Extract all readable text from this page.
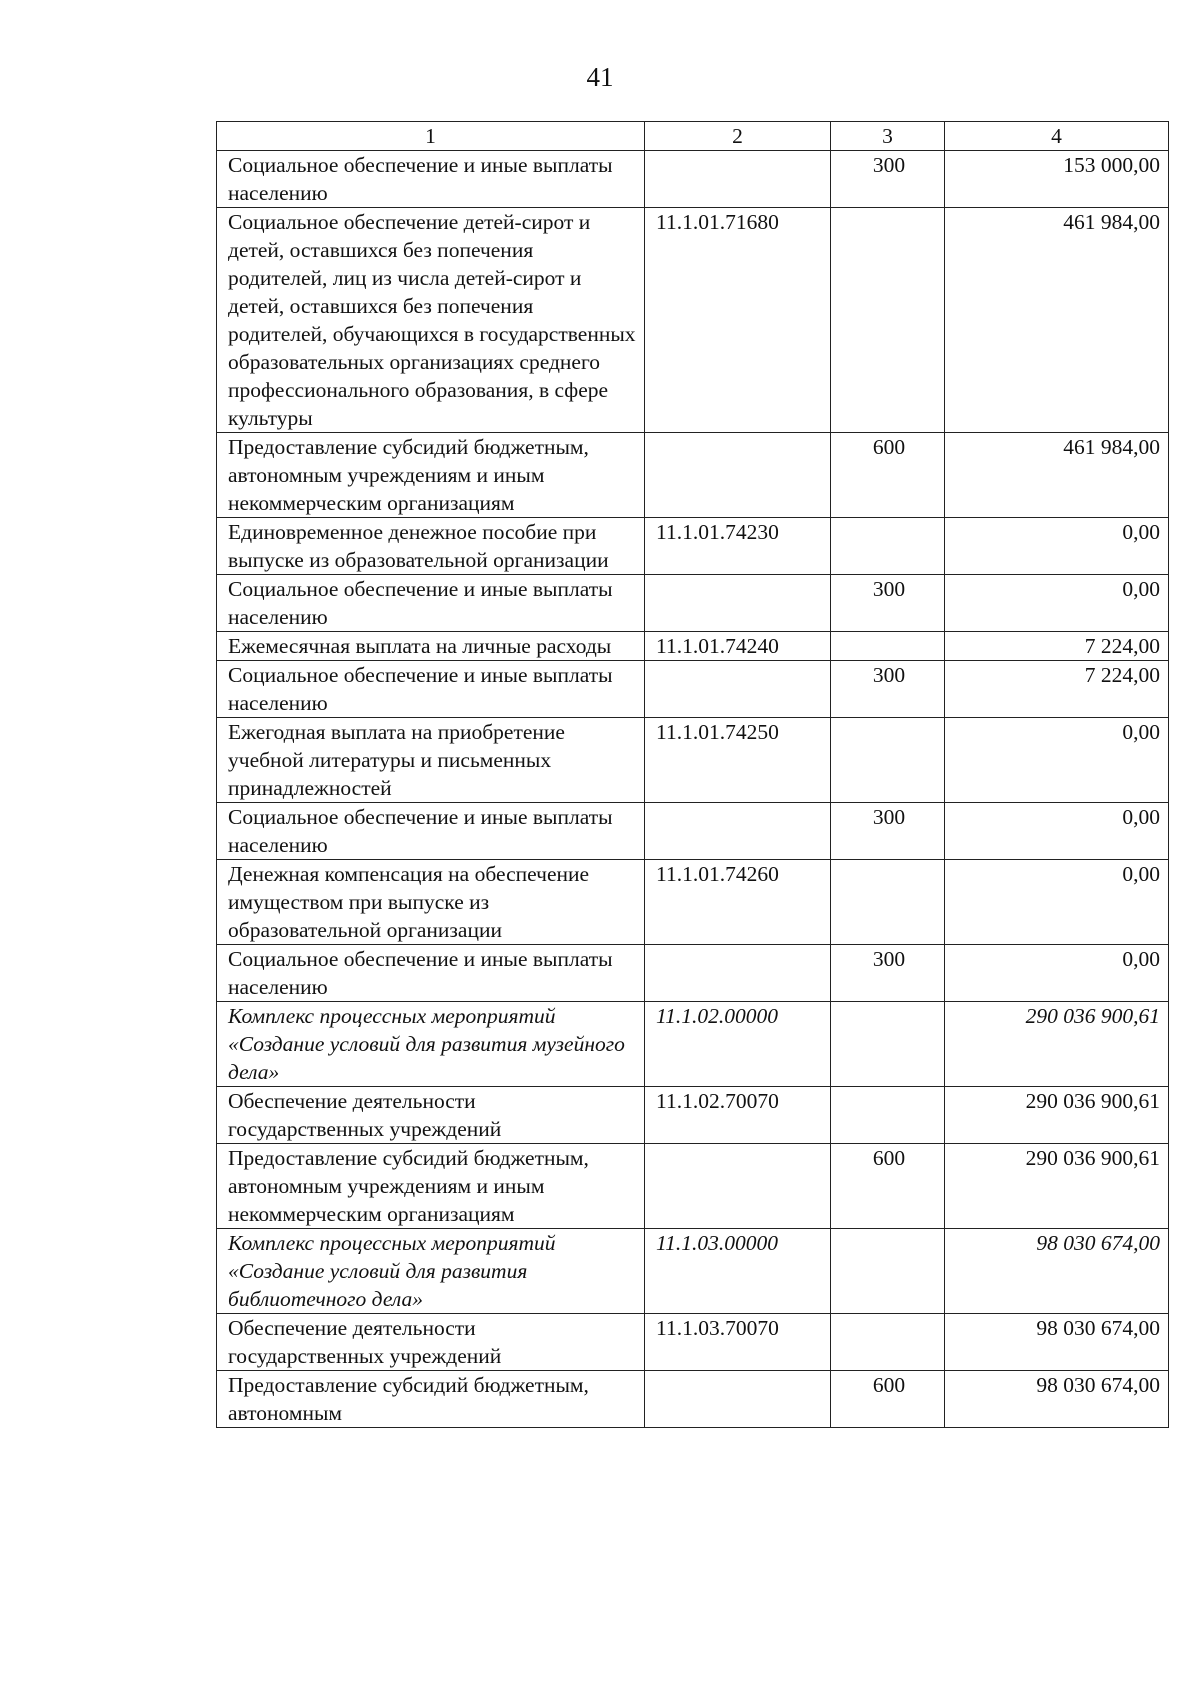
41
1	2	3	4
Социальное обеспечение и иные выплаты населению		300	153 000,00
Социальное обеспечение детей-сирот и детей, оставшихся без попечения родителей, лиц из числа детей-сирот и детей, оставшихся без попечения родителей, обучающихся в государственных образовательных организациях среднего профессионального образования, в сфере культуры	11.1.01.71680		461 984,00
Предоставление субсидий бюджетным, автономным учреждениям и иным некоммерческим организациям		600	461 984,00
Единовременное денежное пособие при выпуске из образовательной организации	11.1.01.74230		0,00
Социальное обеспечение и иные выплаты населению		300	0,00
Ежемесячная выплата на личные расходы	11.1.01.74240		7 224,00
Социальное обеспечение и иные выплаты населению		300	7 224,00
Ежегодная выплата на приобретение учебной литературы и письменных принадлежностей	11.1.01.74250		0,00
Социальное обеспечение и иные выплаты населению		300	0,00
Денежная компенсация на обеспечение имуществом при выпуске из образовательной организации	11.1.01.74260		0,00
Социальное обеспечение и иные выплаты населению		300	0,00
Комплекс процессных мероприятий «Создание условий для развития музейного дела»	11.1.02.00000		290 036 900,61
Обеспечение деятельности государственных учреждений	11.1.02.70070		290 036 900,61
Предоставление субсидий бюджетным, автономным учреждениям и иным некоммерческим организациям		600	290 036 900,61
Комплекс процессных мероприятий «Создание условий для развития библиотечного дела»	11.1.03.00000		98 030 674,00
Обеспечение деятельности государственных учреждений	11.1.03.70070		98 030 674,00
Предоставление субсидий бюджетным, автономным		600	98 030 674,00
